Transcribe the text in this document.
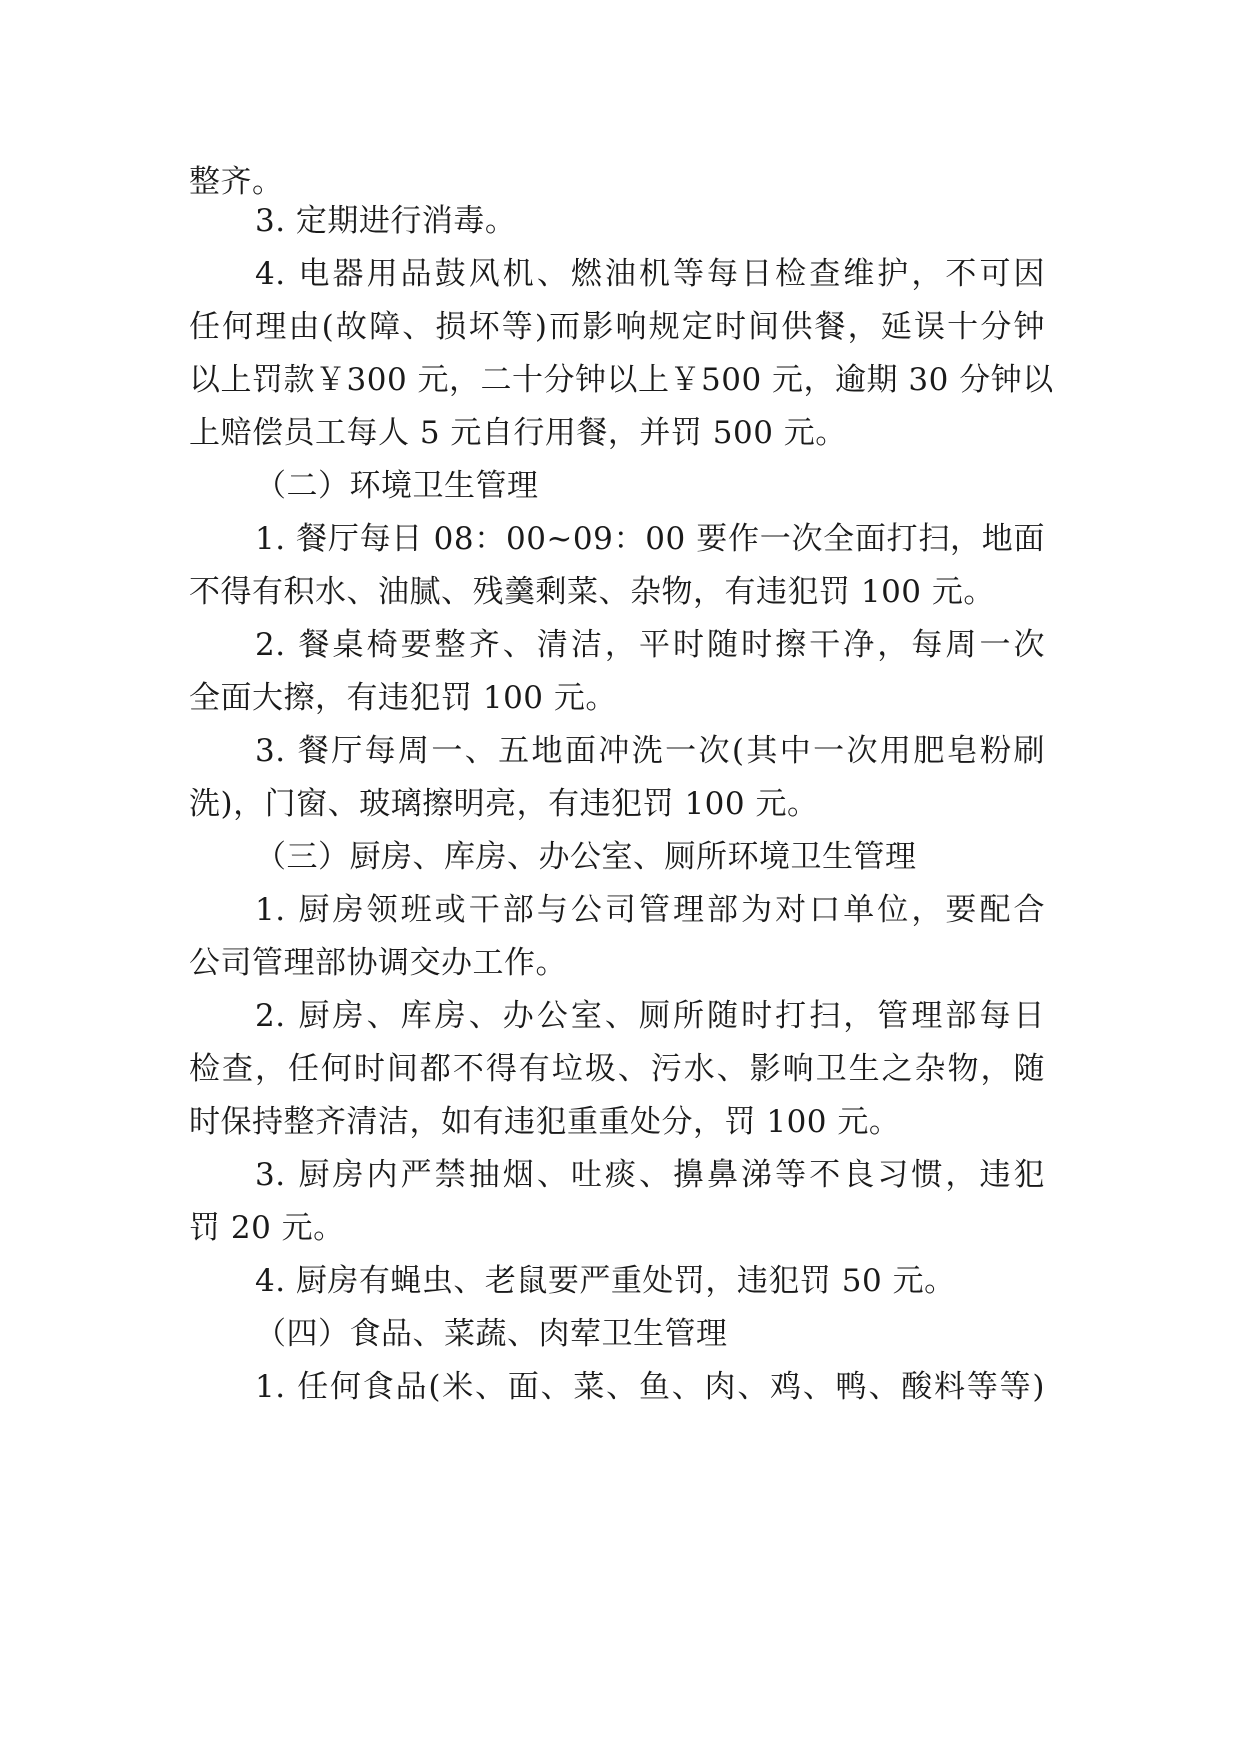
整齐。
3. 定期进行消毒。
4. 电器用品鼓风机、燃油机等每日检查维护，不可因
任何理由(故障、损坏等)而影响规定时间供餐，延误十分钟
以上罚款￥300 元，二十分钟以上￥500 元，逾期 30 分钟以
上赔偿员工每人 5 元自行用餐，并罚 500 元。
（二）环境卫生管理
1. 餐厅每日 08：00~09：00 要作一次全面打扫，地面
不得有积水、油腻、残羹剩菜、杂物，有违犯罚 100 元。
2. 餐桌椅要整齐、清洁，平时随时擦干净，每周一次
全面大擦，有违犯罚 100 元。
3. 餐厅每周一、五地面冲洗一次(其中一次用肥皂粉刷
洗)，门窗、玻璃擦明亮，有违犯罚 100 元。
（三）厨房、库房、办公室、厕所环境卫生管理
1. 厨房领班或干部与公司管理部为对口单位，要配合
公司管理部协调交办工作。
2. 厨房、库房、办公室、厕所随时打扫，管理部每日
检查，任何时间都不得有垃圾、污水、影响卫生之杂物，随
时保持整齐清洁，如有违犯重重处分，罚 100 元。
3. 厨房内严禁抽烟、吐痰、擤鼻涕等不良习惯，违犯
罚 20 元。
4. 厨房有蝇虫、老鼠要严重处罚，违犯罚 50 元。
（四）食品、菜蔬、肉荤卫生管理
1. 任何食品(米、面、菜、鱼、肉、鸡、鸭、酸料等等)
